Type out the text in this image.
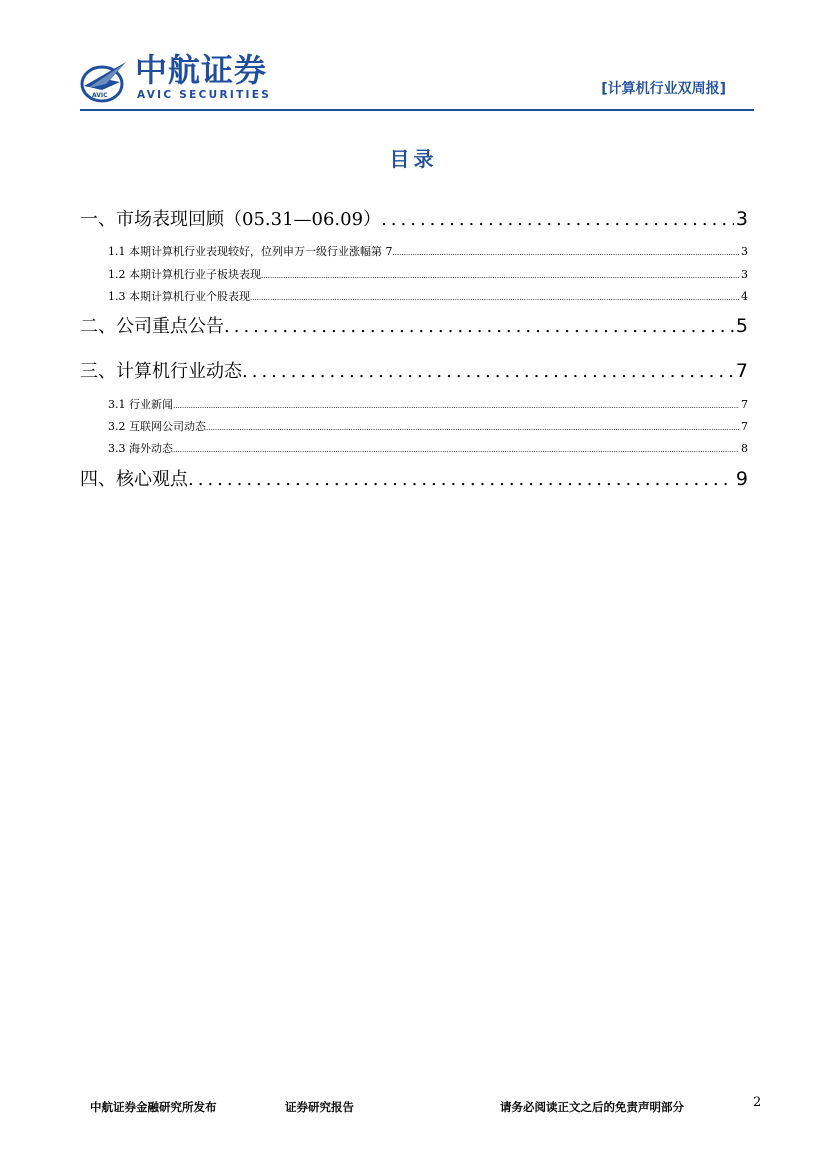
AVIC
中航证券
AVIC SECURITIES	[计算机行业双周报]
目录
一、市场表现回顾（05.31—06.09） .....	3
1.1 本期计算机行业表现较好，位列申万一级行业涨幅第 7 .....	3
1.2 本期计算机行业子板块表现 .....	3
1.3 本期计算机行业个股表现 .....	4
二、公司重点公告 .....	5
三、计算机行业动态 .....	7
3.1 行业新闻 .....	7
3.2 互联网公司动态 .....	7
3.3 海外动态 .....	8
四、核心观点 .....	9
中航证券金融研究所发布	证券研究报告	请务必阅读正文之后的免责声明部分	2
